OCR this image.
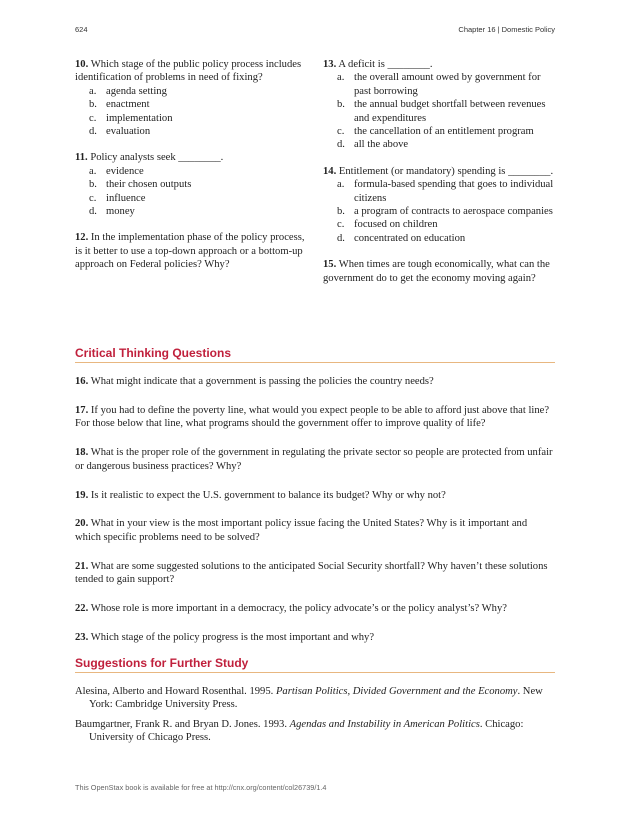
624	Chapter 16 | Domestic Policy
10. Which stage of the public policy process includes identification of problems in need of fixing?
a. agenda setting
b. enactment
c. implementation
d. evaluation
11. Policy analysts seek ________.
a. evidence
b. their chosen outputs
c. influence
d. money
12. In the implementation phase of the policy process, is it better to use a top-down approach or a bottom-up approach on Federal policies? Why?
13. A deficit is ________.
a. the overall amount owed by government for past borrowing
b. the annual budget shortfall between revenues and expenditures
c. the cancellation of an entitlement program
d. all the above
14. Entitlement (or mandatory) spending is ________.
a. formula-based spending that goes to individual citizens
b. a program of contracts to aerospace companies
c. focused on children
d. concentrated on education
15. When times are tough economically, what can the government do to get the economy moving again?
Critical Thinking Questions
16. What might indicate that a government is passing the policies the country needs?
17. If you had to define the poverty line, what would you expect people to be able to afford just above that line? For those below that line, what programs should the government offer to improve quality of life?
18. What is the proper role of the government in regulating the private sector so people are protected from unfair or dangerous business practices? Why?
19. Is it realistic to expect the U.S. government to balance its budget? Why or why not?
20. What in your view is the most important policy issue facing the United States? Why is it important and which specific problems need to be solved?
21. What are some suggested solutions to the anticipated Social Security shortfall? Why haven’t these solutions tended to gain support?
22. Whose role is more important in a democracy, the policy advocate’s or the policy analyst’s? Why?
23. Which stage of the policy progress is the most important and why?
Suggestions for Further Study
Alesina, Alberto and Howard Rosenthal. 1995. Partisan Politics, Divided Government and the Economy. New York: Cambridge University Press.
Baumgartner, Frank R. and Bryan D. Jones. 1993. Agendas and Instability in American Politics. Chicago: University of Chicago Press.
This OpenStax book is available for free at http://cnx.org/content/col26739/1.4
